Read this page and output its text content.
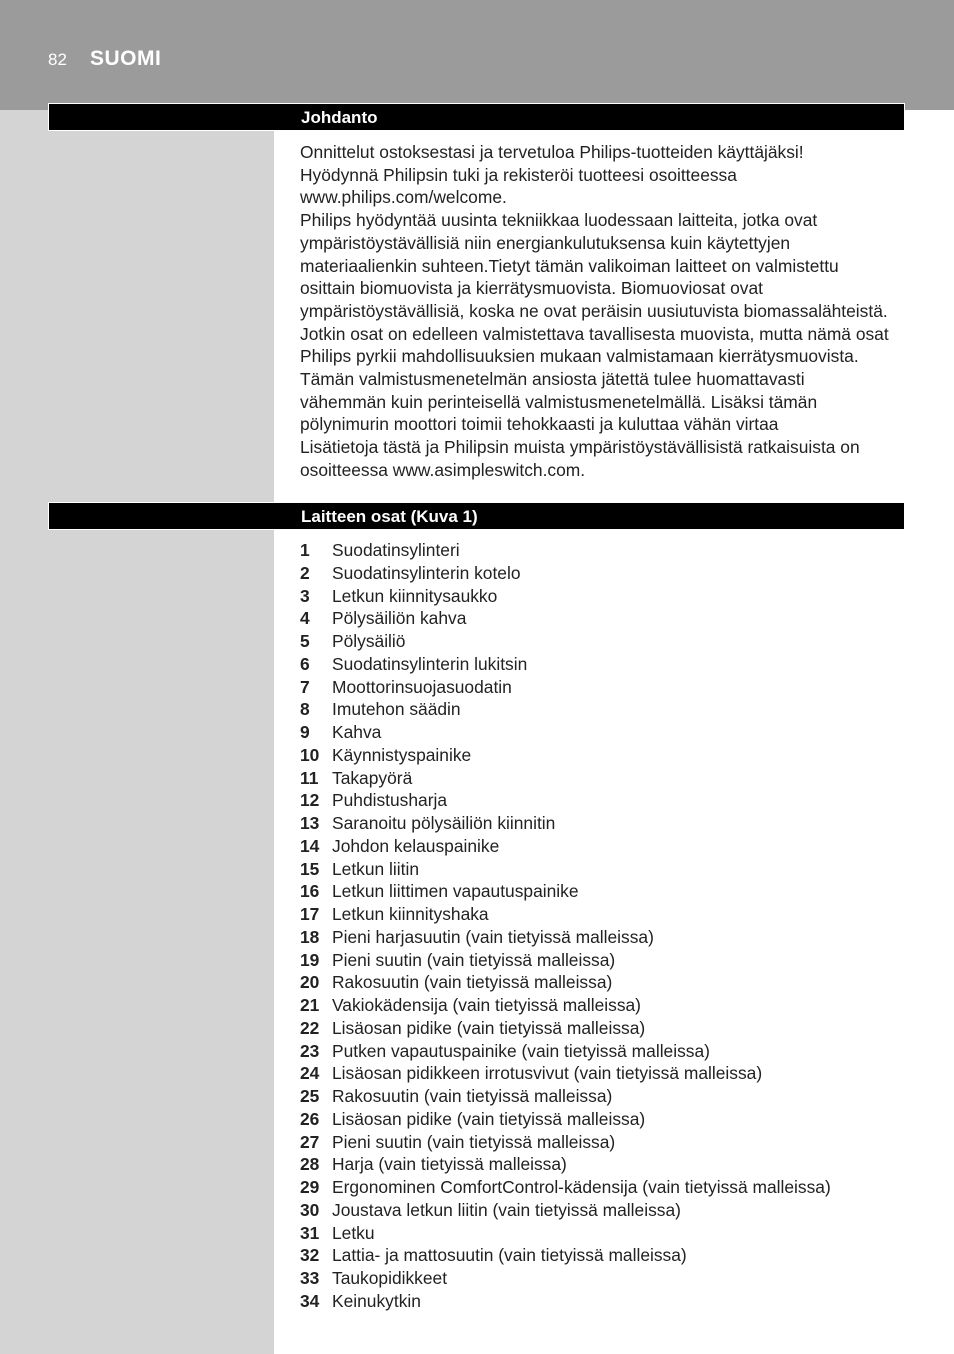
82 SUOMI
Johdanto

Onnittelut ostoksestasi ja tervetuloa Philips-tuotteiden käyttäjäksi!

Hyödynnä Philipsin tuki ja rekisteröi tuotteesi osoitteessa

www.philips.com/welcome.

Philips hyödyntää uusinta tekniikkaa luodessaan laitteita, jotka ovat

ympäristöystävällisiä niin energiankulutuksensa kuin käytettyjen

materiaalienkin suhteen.Tietyt tämän valikoiman laitteet on valmistettu

osittain biomuovista ja kierrätysmuovista. Biomuoviosat ovat

ympäristöystävällisiä, koska ne ovat peräisin uusiutuvista biomassalähteistä.

Jotkin osat on edelleen valmistettava tavallisesta muovista, mutta nämä osat

Philips pyrkii mahdollisuuksien mukaan valmistamaan kierrätysmuovista.

Tämän valmistusmenetelmän ansiosta jätettä tulee huomattavasti

vähemmän kuin perinteisellä valmistusmenetelmällä. Lisäksi tämän

pölynimurin moottori toimii tehokkaasti ja kuluttaa vähän virtaa

Lisätietoja tästä ja Philipsin muista ympäristöystävällisistä ratkaisuista on

osoitteessa www.asimpleswitch.com.

Laitteen osat (Kuva 1)
1	Suodatinsylinteri
2	Suodatinsylinterin kotelo
3	Letkun kiinnitysaukko
4	Pölysäiliön kahva
5	Pölysäiliö
6	Suodatinsylinterin lukitsin
7	Moottorinsuojasuodatin
8	Imutehon säädin
9	Kahva
10 Käynnistyspainike
11 Takapyörä
12 Puhdistusharja
13 Saranoitu pölysäiliön kiinnitin
14 Johdon kelauspainike
15 Letkun liitin
16 Letkun liittimen vapautuspainike
17 Letkun kiinnityshaka
18 Pieni harjasuutin (vain tietyissä malleissa)
19 Pieni suutin (vain tietyissä malleissa)
20 Rakosuutin (vain tietyissä malleissa)
21 Vakiokädensija (vain tietyissä malleissa)
22 Lisäosan pidike (vain tietyissä malleissa)
23 Putken vapautuspainike (vain tietyissä malleissa)
24 Lisäosan pidikkeen irrotusvivut (vain tietyissä malleissa)
25 Rakosuutin (vain tietyissä malleissa)
26 Lisäosan pidike (vain tietyissä malleissa)
27 Pieni suutin (vain tietyissä malleissa)
28 Harja (vain tietyissä malleissa)
29 Ergonominen ComfortControl-kädensija (vain tietyissä malleissa)
30 Joustava letkun liitin (vain tietyissä malleissa)
31 Letku
32 Lattia- ja mattosuutin (vain tietyissä malleissa)
33 Taukopidikkeet
34 Keinukytkin
